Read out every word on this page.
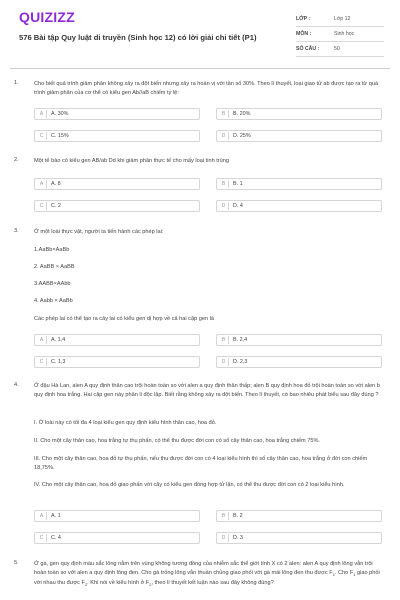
QUIZIZZ
576 Bài tập Quy luật di truyền (Sinh học 12) có lời giải chi tiết (P1)
LỚP :	Lớp 12
MÔN :	Sinh học
SỐ CÂU :	50
1.	Cho biết quá trình giảm phân không xảy ra đột biến nhưng xảy ra hoán vị với tần số 30%. Theo lí thuyết, loại giao tử ab được tạo ra từ quá trình giảm phân của cơ thể có kiểu gen Ab//aB chiếm tỷ lệ:
A	A. 30%	B	B. 20%
C	C. 15%	D	D. 25%
2.	Một tế bào có kiểu gen AB/ab Dd khi giảm phân thực tế cho mấy loại tinh trùng
A	A. 8	B	B. 1
C	C. 2	D	D. 4
3.	Ở một loài thực vật, người ta tiến hành các phép lai:
1.AaBb×AaBb
2. AaBB × AaBB
3.AABB×AAbb
4. Aabb × AaBb
Các phép lai có thể tạo ra cây lai có kiểu gen dị hợp về cả hai cặp gen là
A	A. 1,4	B	B. 2,4
C	C. 1,3	D	D. 2,3
4.	Ở đậu Hà Lan, alen A quy định thân cao trội hoàn toàn so với alen a quy định thân thấp; alen B quy định hoa đỏ trội hoàn toàn so với alen b quy định hoa trắng. Hai cặp gen này phân li độc lập. Biết rằng không xảy ra đột biến. Theo lí thuyết, có bao nhiêu phát biểu sau đây đúng ?
I. Ở loài này có tối đa 4 loại kiểu gen quy định kiểu hình thân cao, hoa đỏ.
II. Cho một cây thân cao, hoa trắng tự thụ phấn, có thể thu được đời con có số cây thân cao, hoa trắng chiếm 75%.
III. Cho một cây thân cao, hoa đỏ tự thụ phấn, nếu thu được đời con có 4 loại kiểu hình thì số cây thân cao, hoa trắng ở đời con chiếm 18,75%.
IV. Cho một cây thân cao, hoa đỏ giao phấn với cây có kiểu gen đồng hợp tử lặn, có thể thu được đời con có 2 loại kiểu hình.
A	A. 1	B	B. 2
C	C. 4	D	D. 3
5.	Ở gà, gen quy định màu sắc lông nằm trên vùng không tương đồng của nhiễm sắc thể giới tính X có 2 alen: alen A quy định lông vằn trội hoàn toàn so với alen a quy định lông đen. Cho gà trống lông vằn thuần chủng giao phối với gà mái lông đen thu được $F_1$. Cho $F_1$ giao phối với nhau thu được $F_2$. Khi nói về kiểu hình ở $F_2$, theo lí thuyết kết luận nào sau đây không đúng?
